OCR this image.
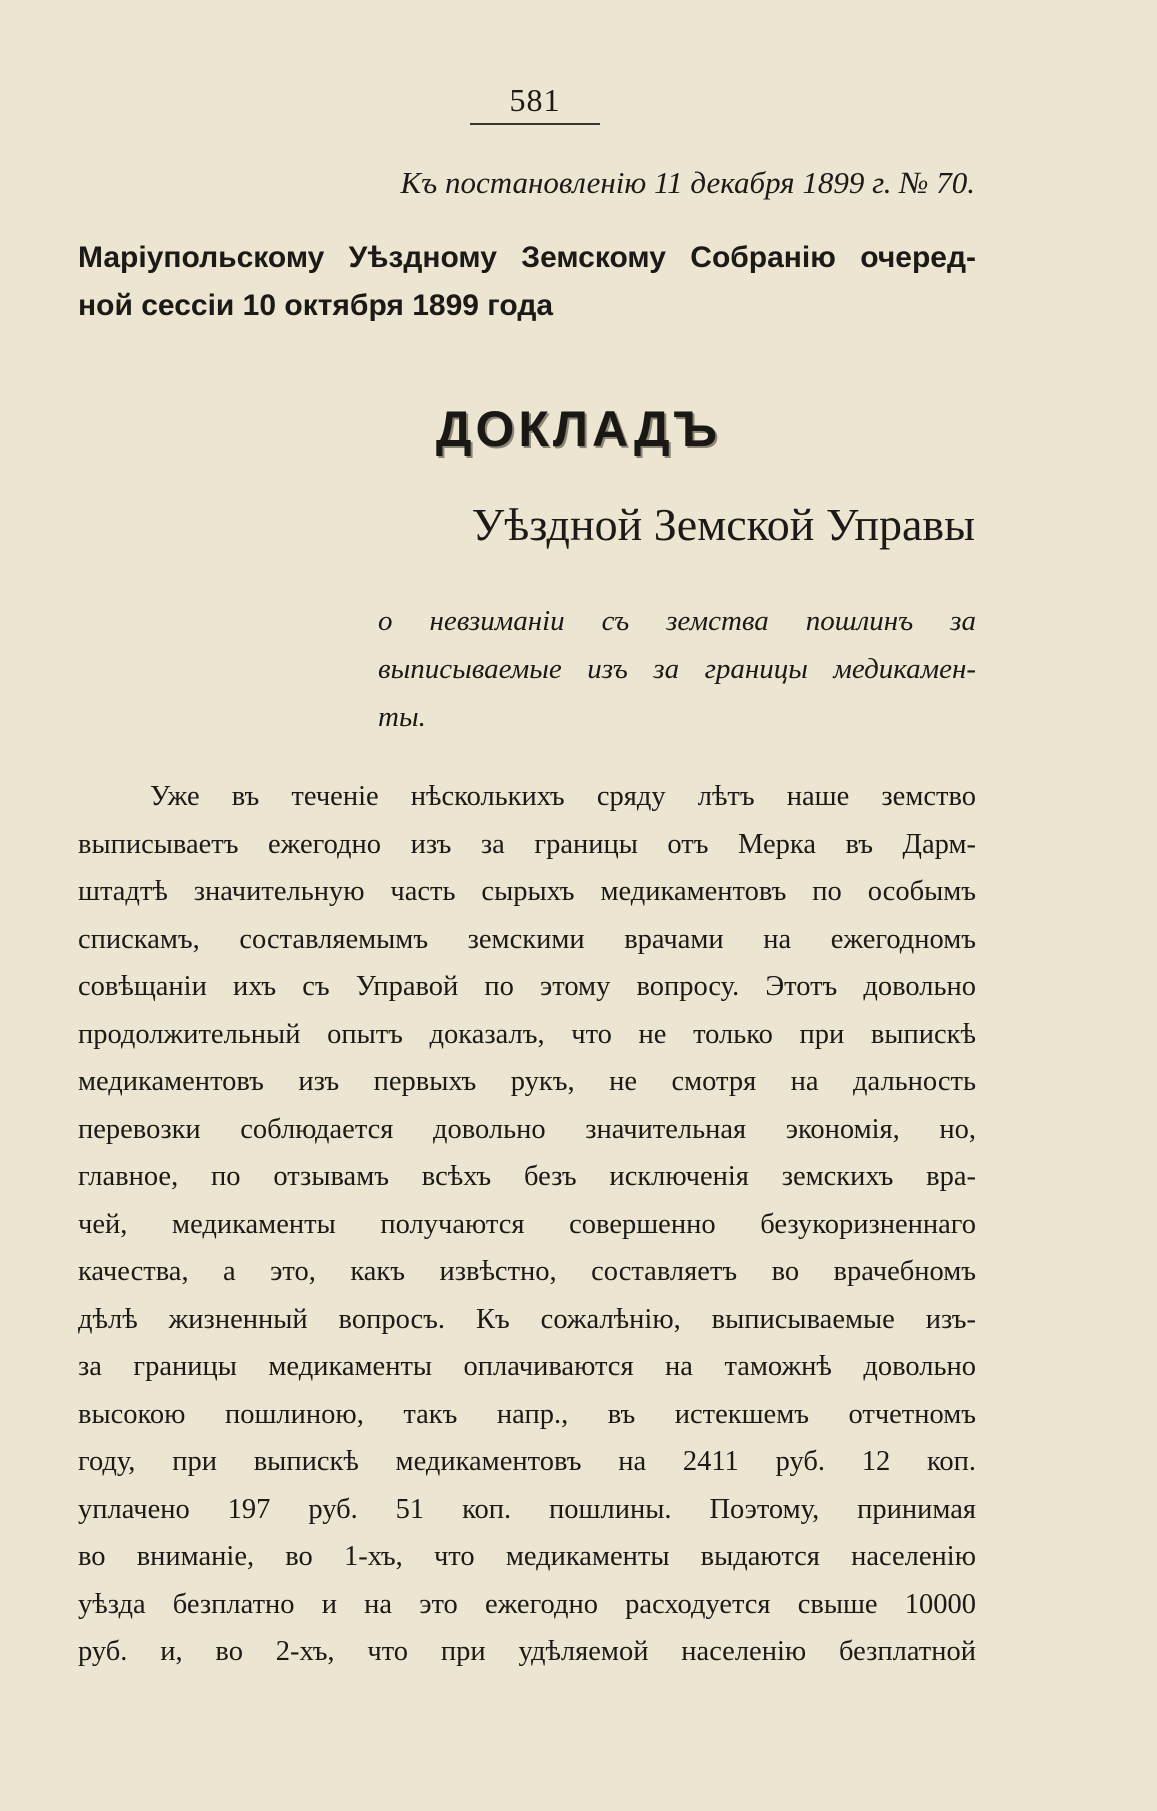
581
Къ постановленію 11 декабря 1899 г. № 70.
Маріупольскому Уѣздному Земскому Собранію очеред-
ной сессіи 10 октября 1899 года
ДОКЛАДЪ
Уѣздной Земской Управы
о невзиманіи съ земства пошлинъ за
выписываемые изъ за границы медикамен-
ты.
Уже въ теченіе нѣсколькихъ сряду лѣтъ наше земство
выписываетъ ежегодно изъ за границы отъ Мерка въ Дарм-
штадтѣ значительную часть сырыхъ медикаментовъ по особымъ
спискамъ, составляемымъ земскими врачами на ежегодномъ
совѣщаніи ихъ съ Управой по этому вопросу. Этотъ довольно
продолжительный опытъ доказалъ, что не только при выпискѣ
медикаментовъ изъ первыхъ рукъ, не смотря на дальность
перевозки соблюдается довольно значительная экономія, но,
главное, по отзывамъ всѣхъ безъ исключенія земскихъ вра-
чей, медикаменты получаются совершенно безукоризненнаго
качества, а это, какъ извѣстно, составляетъ во врачебномъ
дѣлѣ жизненный вопросъ. Къ сожалѣнію, выписываемые изъ-
за границы медикаменты оплачиваются на таможнѣ довольно
высокою пошлиною, такъ напр., въ истекшемъ отчетномъ
году, при выпискѣ медикаментовъ на 2411 руб. 12 коп.
уплачено 197 руб. 51 коп. пошлины. Поэтому, принимая
во вниманіе, во 1-хъ, что медикаменты выдаются населенію
уѣзда безплатно и на это ежегодно расходуется свыше 10000
руб. и, во 2-хъ, что при удѣляемой населенію безплатной
